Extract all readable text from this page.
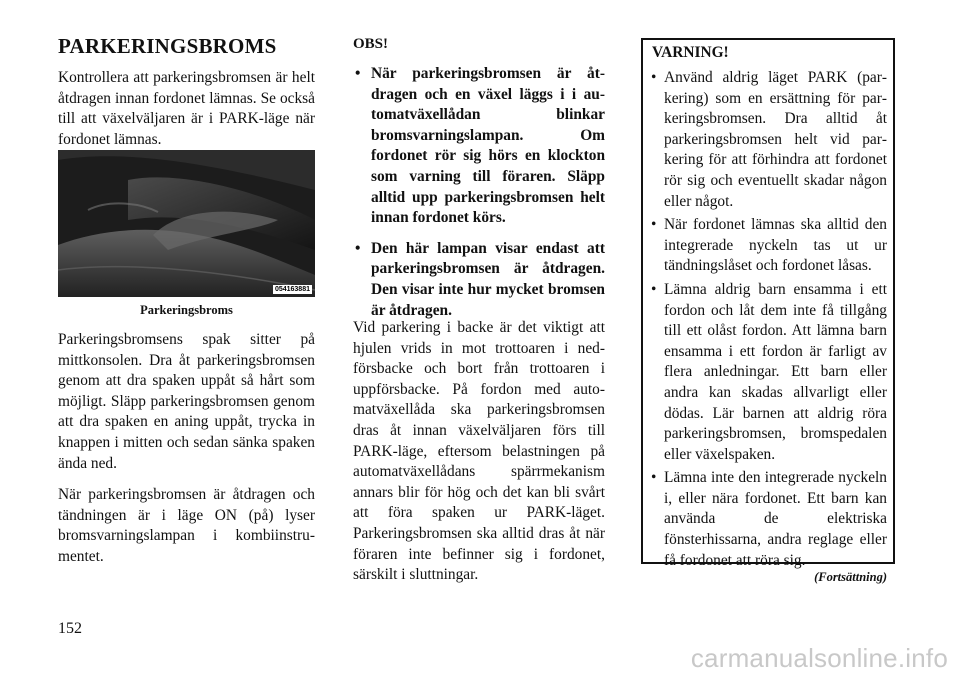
PARKERINGSBROMS

Kontrollera att parkeringsbromsen är helt åtdragen innan fordonet lämnas. Se också till att växelväljaren är i PARK-läge när fordonet lämnas.

054163881
Parkeringsbroms

Parkeringsbromsens spak sitter på mittkonsolen. Dra åt parkeringsbromsen genom att dra spaken uppåt så hårt som möjligt. Släpp parkeringsbromsen genom att dra spaken en aning uppåt, trycka in knappen i mitten och sedan sänka spaken ända ned.

När parkeringsbromsen är åtdragen och tändningen är i läge ON (på) lyser bromsvarningslampan i kombiinstrumentet.

OBS!
• När parkeringsbromsen är åtdragen och en växel läggs i i automatväxellådan blinkar bromsvarningslampan. Om fordonet rör sig hörs en klockton som varning till föraren. Släpp alltid upp parkeringsbromsen helt innan fordonet körs.
• Den här lampan visar endast att parkeringsbromsen är åtdragen. Den visar inte hur mycket bromsen är åtdragen.

Vid parkering i backe är det viktigt att hjulen vrids in mot trottoaren i nedförsbacke och bort från trottoaren i uppförsbacke. På fordon med automatväxellåda ska parkeringsbromsen dras åt innan växelväljaren förs till PARK-läge, eftersom belastningen på automatväxellådans spärrmekanism annars blir för hög och det kan bli svårt att föra spaken ur PARK-läget. Parkeringsbromsen ska alltid dras åt när föraren inte befinner sig i fordonet, särskilt i sluttningar.

VARNING!
• Använd aldrig läget PARK (parkering) som en ersättning för parkeringsbromsen. Dra alltid åt parkeringsbromsen helt vid parkering för att förhindra att fordonet rör sig och eventuellt skadar någon eller något.
• När fordonet lämnas ska alltid den integrerade nyckeln tas ut ur tändningslåset och fordonet låsas.
• Lämna aldrig barn ensamma i ett fordon och låt dem inte få tillgång till ett olåst fordon. Att lämna barn ensamma i ett fordon är farligt av flera anledningar. Ett barn eller andra kan skadas allvarligt eller dödas. Lär barnen att aldrig röra parkeringsbromsen, bromspedalen eller växelspaken.
• Lämna inte den integrerade nyckeln i, eller nära fordonet. Ett barn kan använda de elektriska fönsterhissarna, andra reglage eller få fordonet att röra sig.
(Fortsättning)
152
carmanualsonline.info
